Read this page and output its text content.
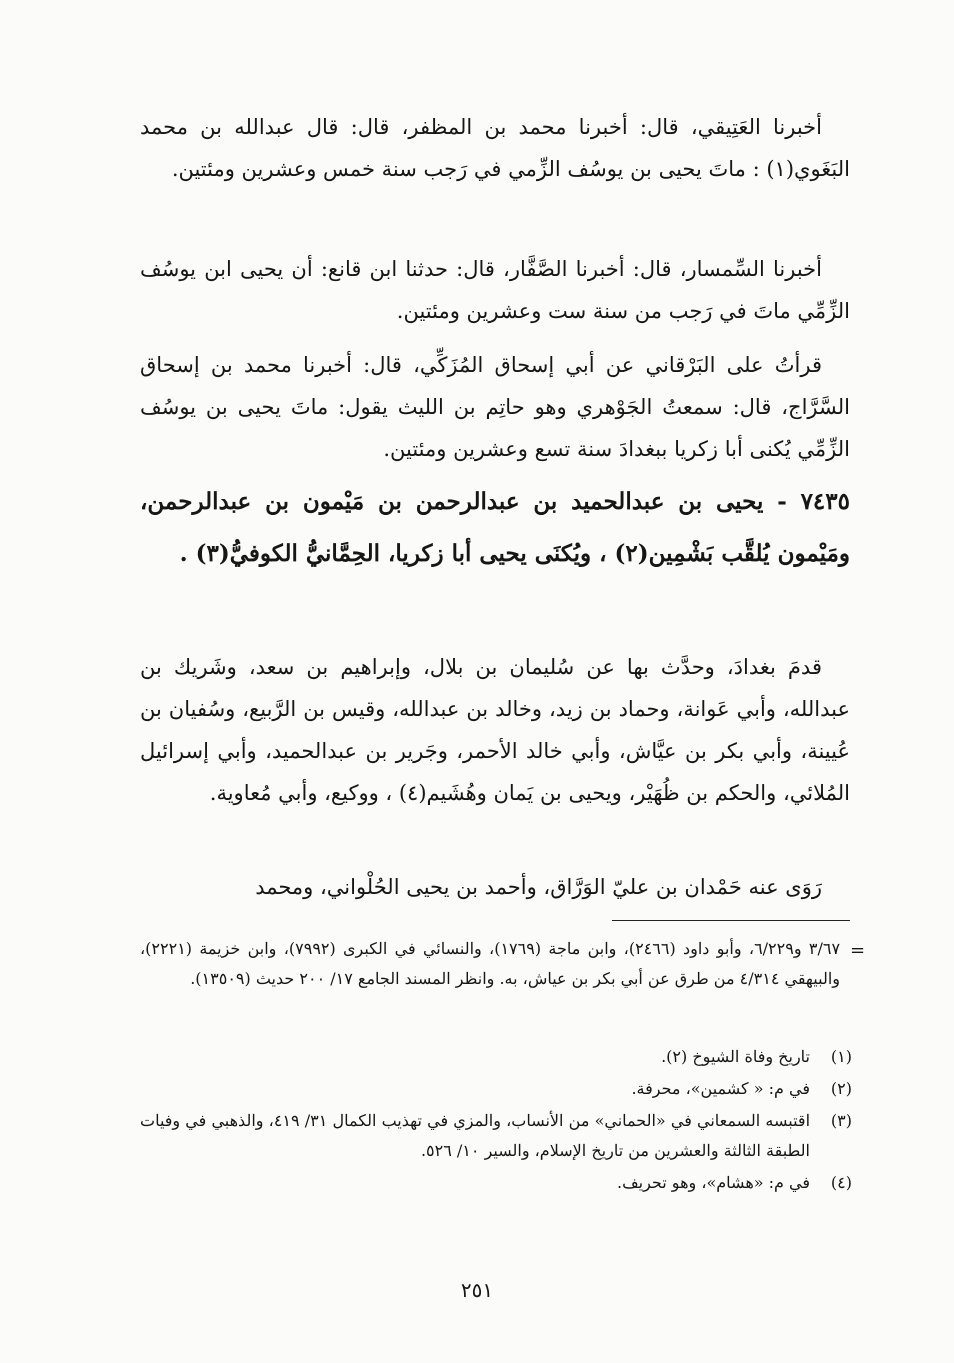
أخبرنا العَتِيقي، قال: أخبرنا محمد بن المظفر، قال: قال عبدالله بن محمد البَغَوي(١) : ماتَ يحيى بن يوسُف الزِّمي في رَجب سنة خمس وعشرين ومئتين.

أخبرنا السِّمسار، قال: أخبرنا الصَّفَّار، قال: حدثنا ابن قانع: أن يحيى ابن يوسُف الزِّمِّي ماتَ في رَجب من سنة ست وعشرين ومئتين.

قرأتُ على البَرْقاني عن أبي إسحاق المُزَكِّي، قال: أخبرنا محمد بن إسحاق السَّرَّاج، قال: سمعتُ الجَوْهري وهو حاتِم بن الليث يقول: ماتَ يحيى بن يوسُف الزِّمِّي يُكنى أبا زكريا ببغدادَ سنة تسع وعشرين ومئتين.

٧٤٣٥ - يحيى بن عبدالحميد بن عبدالرحمن بن مَيْمون بن عبدالرحمن، ومَيْمون يُلقَّب بَشْمِين(٢) ، ويُكنَى يحيى أبا زكريا، الحِمَّانيُّ الكوفيُّ(٣) .

قدمَ بغدادَ، وحدَّث بها عن سُليمان بن بلال، وإبراهيم بن سعد، وشَريك بن عبدالله، وأبي عَوانة، وحماد بن زيد، وخالد بن عبدالله، وقيس بن الرَّبيع، وسُفيان بن عُيينة، وأبي بكر بن عيَّاش، وأبي خالد الأحمر، وجَرير بن عبدالحميد، وأبي إسرائيل المُلائي، والحكم بن ظُهَيْر، ويحيى بن يَمان وهُشَيم(٤) ، ووكيع، وأبي مُعاوية.

رَوَى عنه حَمْدان بن عليّ الوَرَّاق، وأحمد بن يحيى الحُلْواني، ومحمد

=

٣/٦٧ و٦/٢٢٩، وأبو داود (٢٤٦٦)، وابن ماجة (١٧٦٩)، والنسائي في الكبرى (٧٩٩٢)، وابن خزيمة (٢٢٢١)، والبيهقي ٤/٣١٤ من طرق عن أبي بكر بن عياش، به. وانظر المسند الجامع ١٧/ ٢٠٠ حديث (١٣٥٠٩).

(١)
تاريخ وفاة الشيوخ (٢).
(٢)
في م: « كشمين»، محرفة.
(٣)
اقتبسه السمعاني في «الحماني» من الأنساب، والمزي في تهذيب الكمال ٣١/ ٤١٩، والذهبي في وفيات الطبقة الثالثة والعشرين من تاريخ الإسلام، والسير ١٠/ ٥٢٦.
(٤)
في م: «هشام»، وهو تحريف.
٢٥١
